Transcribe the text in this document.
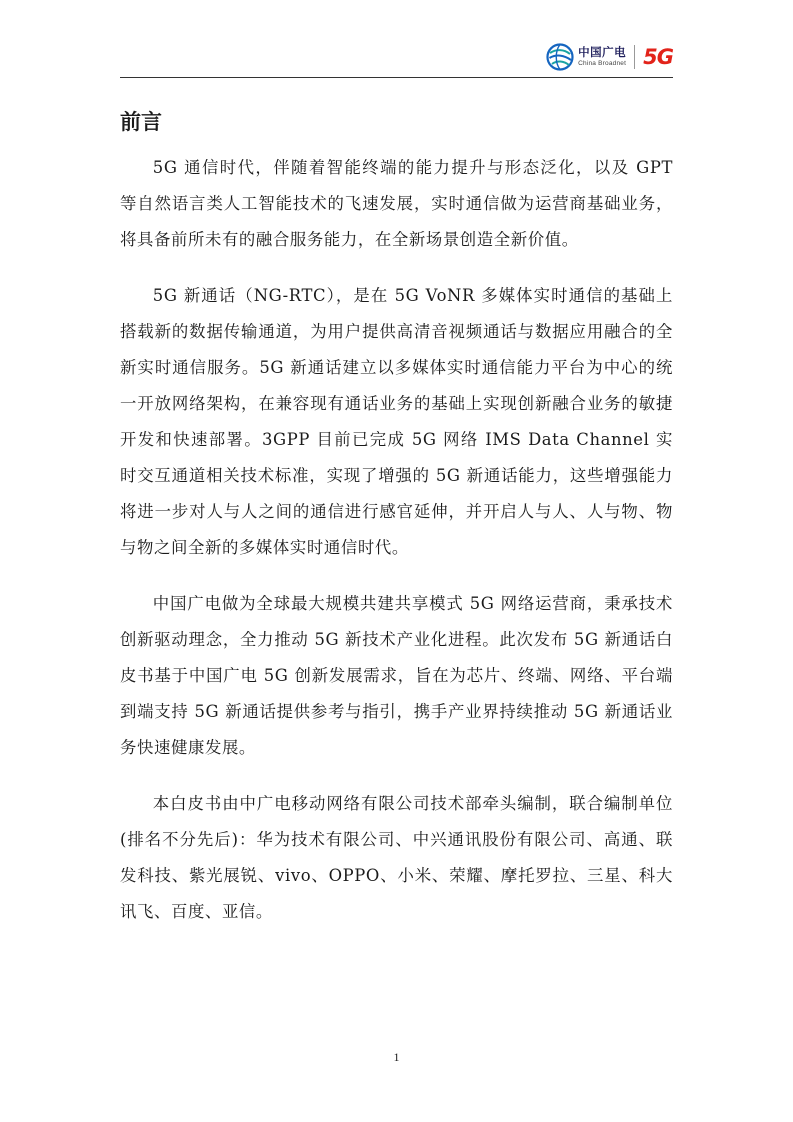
中国广电
China Broadnet 5G
前言

5G 通信时代，伴随着智能终端的能力提升与形态泛化，以及 GPT 等自然语言类人工智能技术的飞速发展，实时通信做为运营商基础业务，将具备前所未有的融合服务能力，在全新场景创造全新价值。

5G 新通话（NG-RTC），是在 5G VoNR 多媒体实时通信的基础上搭载新的数据传输通道，为用户提供高清音视频通话与数据应用融合的全新实时通信服务。5G 新通话建立以多媒体实时通信能力平台为中心的统一开放网络架构，在兼容现有通话业务的基础上实现创新融合业务的敏捷开发和快速部署。3GPP 目前已完成 5G 网络 IMS Data Channel 实时交互通道相关技术标准，实现了增强的 5G 新通话能力，这些增强能力将进一步对人与人之间的通信进行感官延伸，并开启人与人、人与物、物与物之间全新的多媒体实时通信时代。

中国广电做为全球最大规模共建共享模式 5G 网络运营商，秉承技术创新驱动理念，全力推动 5G 新技术产业化进程。此次发布 5G 新通话白皮书基于中国广电 5G 创新发展需求，旨在为芯片、终端、网络、平台端到端支持 5G 新通话提供参考与指引，携手产业界持续推动 5G 新通话业务快速健康发展。

本白皮书由中广电移动网络有限公司技术部牵头编制，联合编制单位(排名不分先后)：华为技术有限公司、中兴通讯股份有限公司、高通、联发科技、紫光展锐、vivo、OPPO、小米、荣耀、摩托罗拉、三星、科大讯飞、百度、亚信。

1
